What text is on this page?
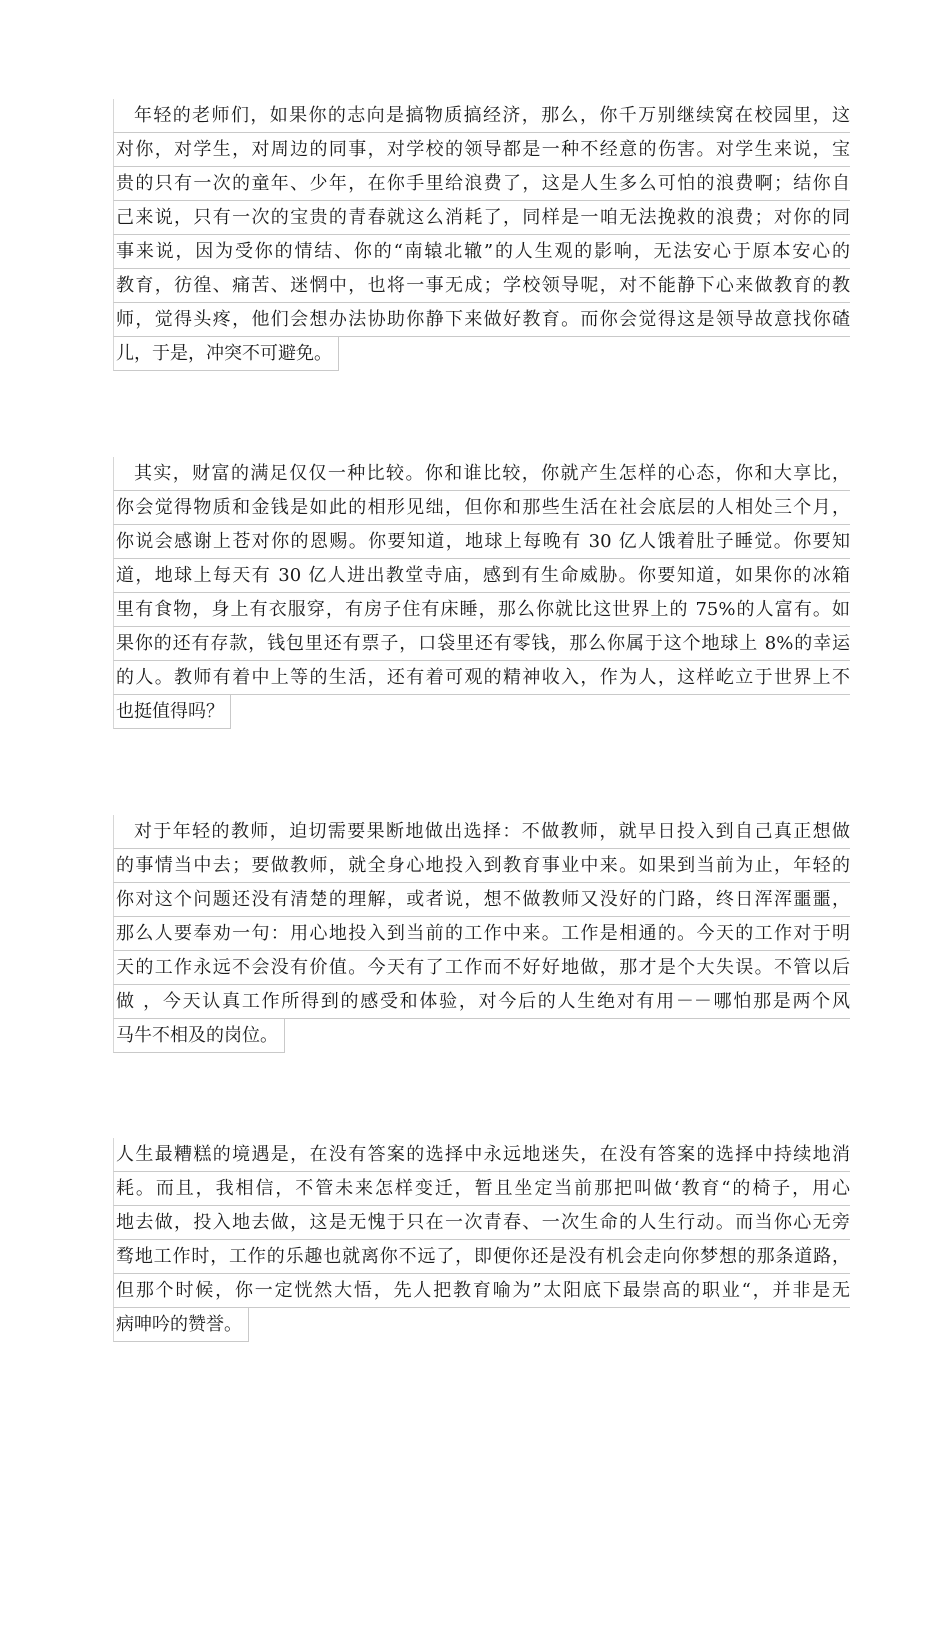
年轻的老师们，如果你的志向是搞物质搞经济，那么，你千万别继续窝在校园里，这
对你，对学生，对周边的同事，对学校的领导都是一种不经意的伤害。对学生来说，宝
贵的只有一次的童年、少年，在你手里给浪费了，这是人生多么可怕的浪费啊；结你自
己来说，只有一次的宝贵的青春就这么消耗了，同样是一咱无法挽救的浪费；对你的同
事来说，因为受你的情结、你的“南辕北辙”的人生观的影响，无法安心于原本安心的
教育，彷徨、痛苦、迷惘中，也将一事无成；学校领导呢，对不能静下心来做教育的教
师，觉得头疼，他们会想办法协助你静下来做好教育。而你会觉得这是领导故意找你碴
儿，于是，冲突不可避免。
其实，财富的满足仅仅一种比较。你和谁比较，你就产生怎样的心态，你和大享比，
你会觉得物质和金钱是如此的相形见绌，但你和那些生活在社会底层的人相处三个月，
你说会感谢上苍对你的恩赐。你要知道，地球上每晚有 30 亿人饿着肚子睡觉。你要知
道，地球上每天有 30 亿人进出教堂寺庙，感到有生命威胁。你要知道，如果你的冰箱
里有食物，身上有衣服穿，有房子住有床睡，那么你就比这世界上的 75%的人富有。如
果你的还有存款，钱包里还有票子，口袋里还有零钱，那么你属于这个地球上 8%的幸运
的人。教师有着中上等的生活，还有着可观的精神收入，作为人，这样屹立于世界上不
也挺值得吗？
对于年轻的教师，迫切需要果断地做出选择：不做教师，就早日投入到自己真正想做
的事情当中去；要做教师，就全身心地投入到教育事业中来。如果到当前为止，年轻的
你对这个问题还没有清楚的理解，或者说，想不做教师又没好的门路，终日浑浑噩噩，
那么人要奉劝一句：用心地投入到当前的工作中来。工作是相通的。今天的工作对于明
天的工作永远不会没有价值。今天有了工作而不好好地做，那才是个大失误。不管以后
做 ，今天认真工作所得到的感受和体验，对今后的人生绝对有用－－哪怕那是两个风
马牛不相及的岗位。
人生最糟糕的境遇是，在没有答案的选择中永远地迷失，在没有答案的选择中持续地消
耗。而且，我相信，不管未来怎样变迁，暂且坐定当前那把叫做‘教育“的椅子，用心
地去做，投入地去做，这是无愧于只在一次青春、一次生命的人生行动。而当你心无旁
骛地工作时，工作的乐趣也就离你不远了，即便你还是没有机会走向你梦想的那条道路，
但那个时候，你一定恍然大悟，先人把教育喻为”太阳底下最崇高的职业“，并非是无
病呻吟的赞誉。
